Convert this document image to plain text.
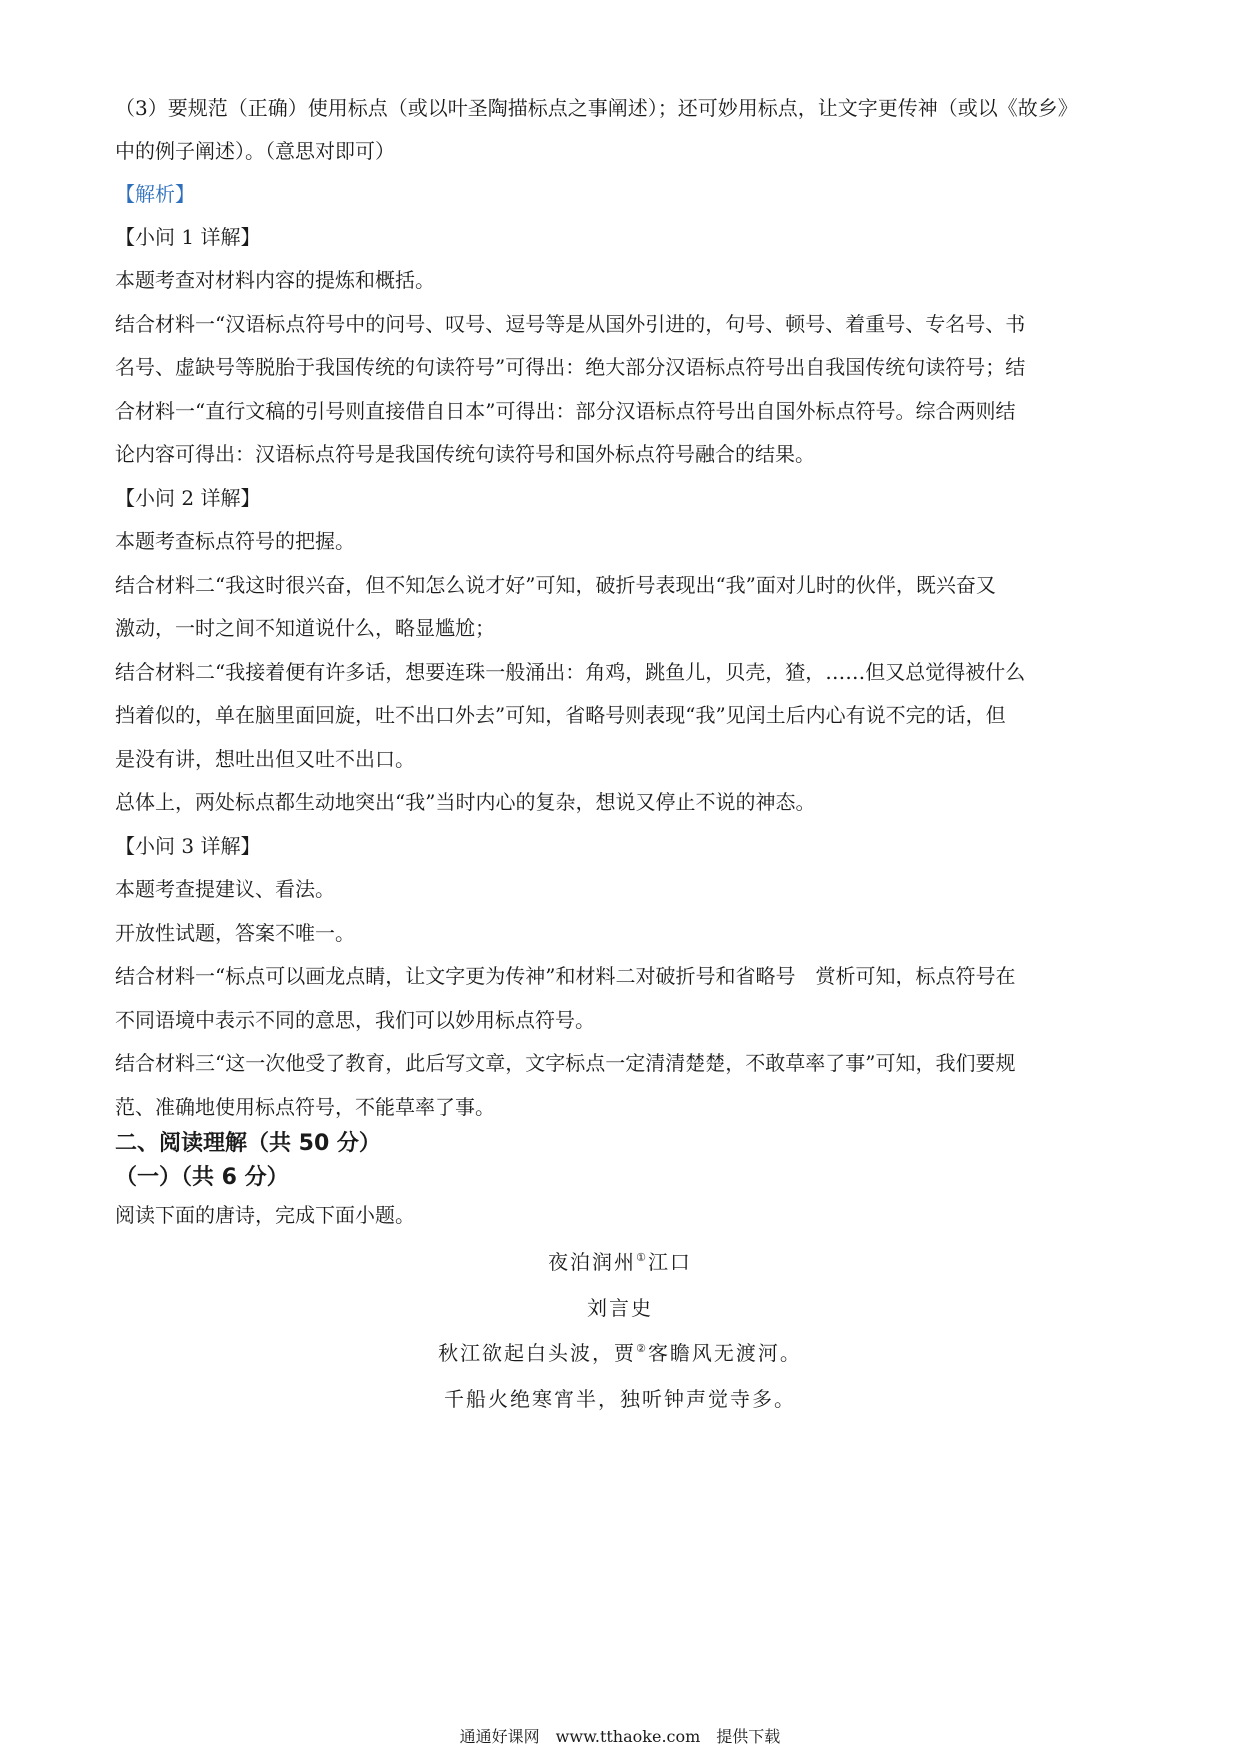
（3）要规范（正确）使用标点（或以叶圣陶描标点之事阐述）；还可妙用标点，让文字更传神（或以《故乡》
中的例子阐述）。（意思对即可）
【解析】
【小问 1 详解】
本题考查对材料内容的提炼和概括。
结合材料一“汉语标点符号中的问号、叹号、逗号等是从国外引进的，句号、顿号、着重号、专名号、书
名号、虚缺号等脱胎于我国传统的句读符号”可得出：绝大部分汉语标点符号出自我国传统句读符号；结
合材料一“直行文稿的引号则直接借自日本”可得出：部分汉语标点符号出自国外标点符号。综合两则结
论内容可得出：汉语标点符号是我国传统句读符号和国外标点符号融合的结果。
【小问 2 详解】
本题考查标点符号的把握。
结合材料二“我这时很兴奋，但不知怎么说才好”可知，破折号表现出“我”面对儿时的伙伴，既兴奋又
激动，一时之间不知道说什么，略显尴尬；
结合材料二“我接着便有许多话，想要连珠一般涌出：角鸡，跳鱼儿，贝壳，猹，……但又总觉得被什么
挡着似的，单在脑里面回旋，吐不出口外去”可知，省略号则表现“我”见闰土后内心有说不完的话，但
是没有讲，想吐出但又吐不出口。
总体上，两处标点都生动地突出“我”当时内心的复杂，想说又停止不说的神态。
【小问 3 详解】
本题考查提建议、看法。
开放性试题，答案不唯一。
结合材料一“标点可以画龙点睛，让文字更为传神”和材料二对破折号和省略号　赏析可知，标点符号在
不同语境中表示不同的意思，我们可以妙用标点符号。
结合材料三“这一次他受了教育，此后写文章，文字标点一定清清楚楚，不敢草率了事”可知，我们要规
范、准确地使用标点符号，不能草率了事。
二、阅读理解（共 50 分）
（一）（共 6 分）
阅读下面的唐诗，完成下面小题。
夜泊润州①江口
刘言史
秋江欲起白头波，贾②客瞻风无渡河。
千船火绝寒宵半，独听钟声觉寺多。
通通好课网　www.tthaoke.com　提供下载
